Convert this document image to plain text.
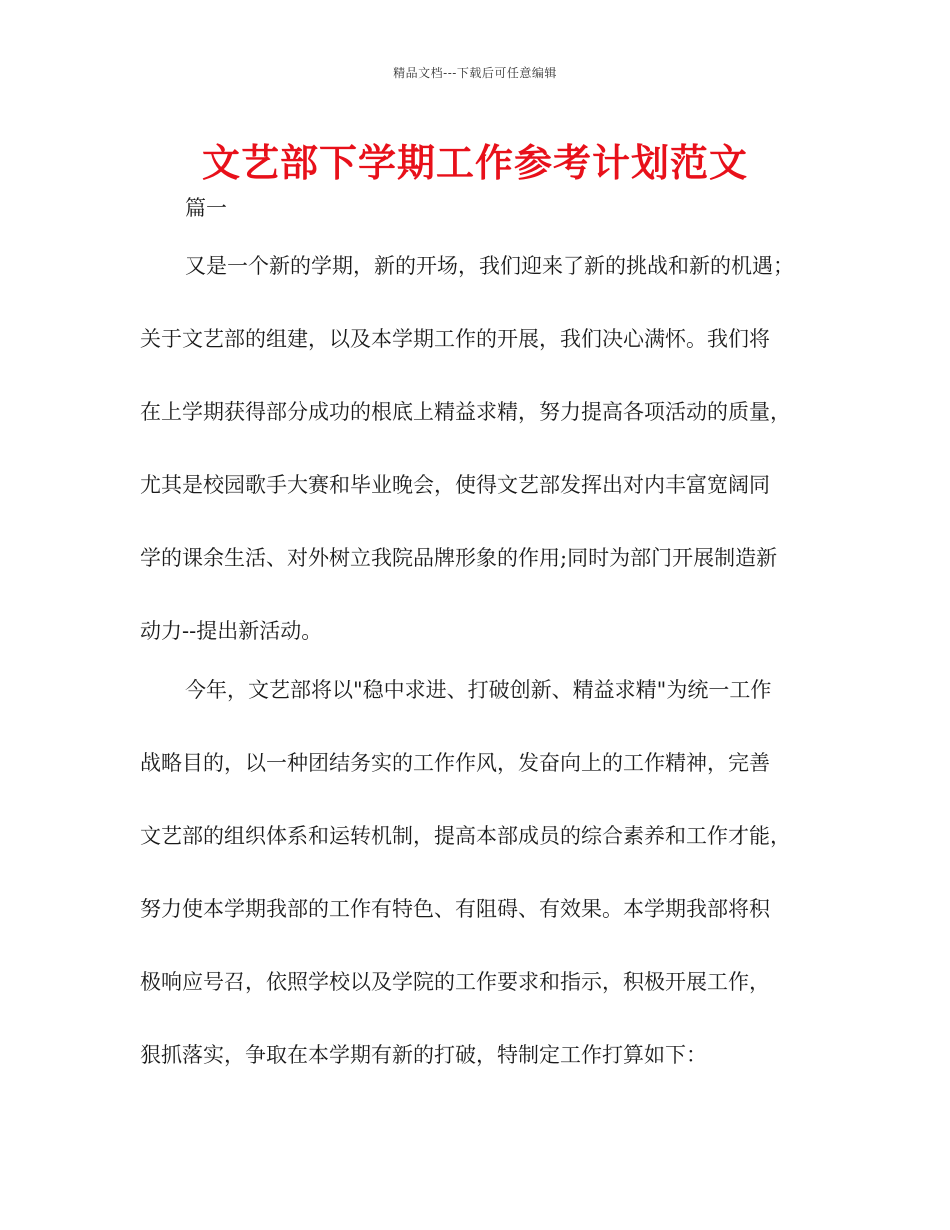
精品文档---下载后可任意编辑
文艺部下学期工作参考计划范文
篇一
又是一个新的学期，新的开场，我们迎来了新的挑战和新的机遇；
关于文艺部的组建，以及本学期工作的开展，我们决心满怀。我们将
在上学期获得部分成功的根底上精益求精，努力提高各项活动的质量，
尤其是校园歌手大赛和毕业晚会，使得文艺部发挥出对内丰富宽阔同
学的课余生活、对外树立我院品牌形象的作用;同时为部门开展制造新
动力--提出新活动。
今年，文艺部将以"稳中求进、打破创新、精益求精"为统一工作
战略目的，以一种团结务实的工作作风，发奋向上的工作精神，完善
文艺部的组织体系和运转机制，提高本部成员的综合素养和工作才能，
努力使本学期我部的工作有特色、有阻碍、有效果。本学期我部将积
极响应号召，依照学校以及学院的工作要求和指示，积极开展工作，
狠抓落实，争取在本学期有新的打破，特制定工作打算如下：
